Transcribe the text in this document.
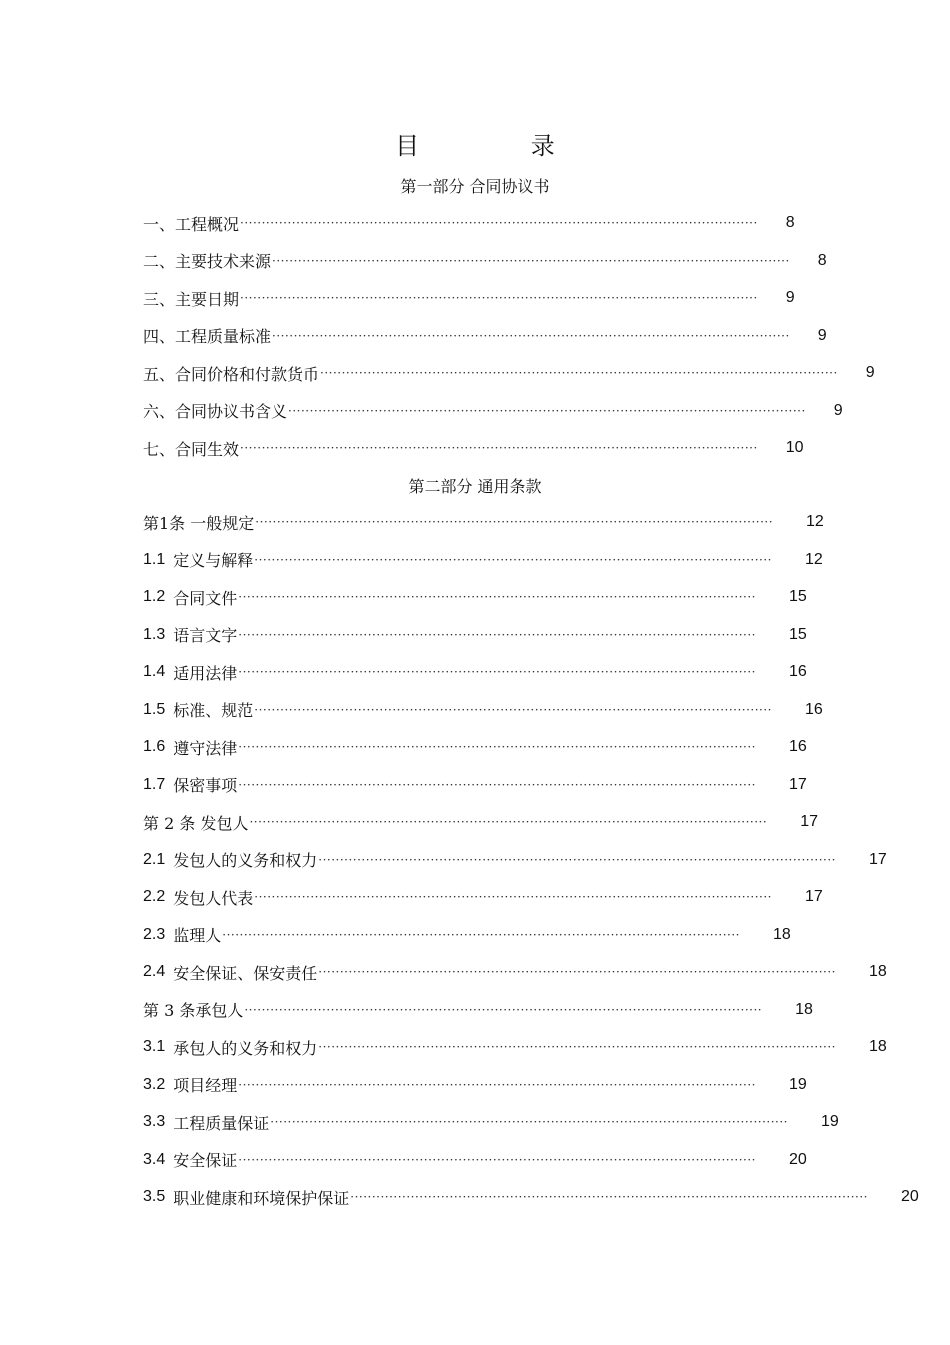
目 录
第一部分 合同协议书
一、 工程概况 ························································································································ 8
二、 主要技术来源 ························································································································ 8
三、 主要日期 ························································································································ 9
四、 工程质量标准 ························································································································ 9
五、 合同价格和付款货币 ························································································································ 9
六、 合同协议书含义 ························································································································ 9
七、 合同生效 ························································································································ 10
第二部分 通用条款
第1条 一般规定 ························································································································ 12
1.1 定义与解释 ························································································································ 12
1.2 合同文件 ························································································································ 15
1.3 语言文字 ························································································································ 15
1.4 适用法律 ························································································································ 16
1.5 标准、规范 ························································································································ 16
1.6 遵守法律 ························································································································ 16
1.7 保密事项 ························································································································ 17
第 2 条 发包人 ························································································································ 17
2.1 发包人的义务和权力 ························································································································ 17
2.2 发包人代表 ························································································································ 17
2.3 监理人 ························································································································ 18
2.4 安全保证、保安责任 ························································································································ 18
第 3 条承包人 ························································································································ 18
3.1 承包人的义务和权力 ························································································································ 18
3.2 项目经理 ························································································································ 19
3.3 工程质量保证 ························································································································ 19
3.4 安全保证 ························································································································ 20
3.5 职业健康和环境保护保证 ························································································································ 20
